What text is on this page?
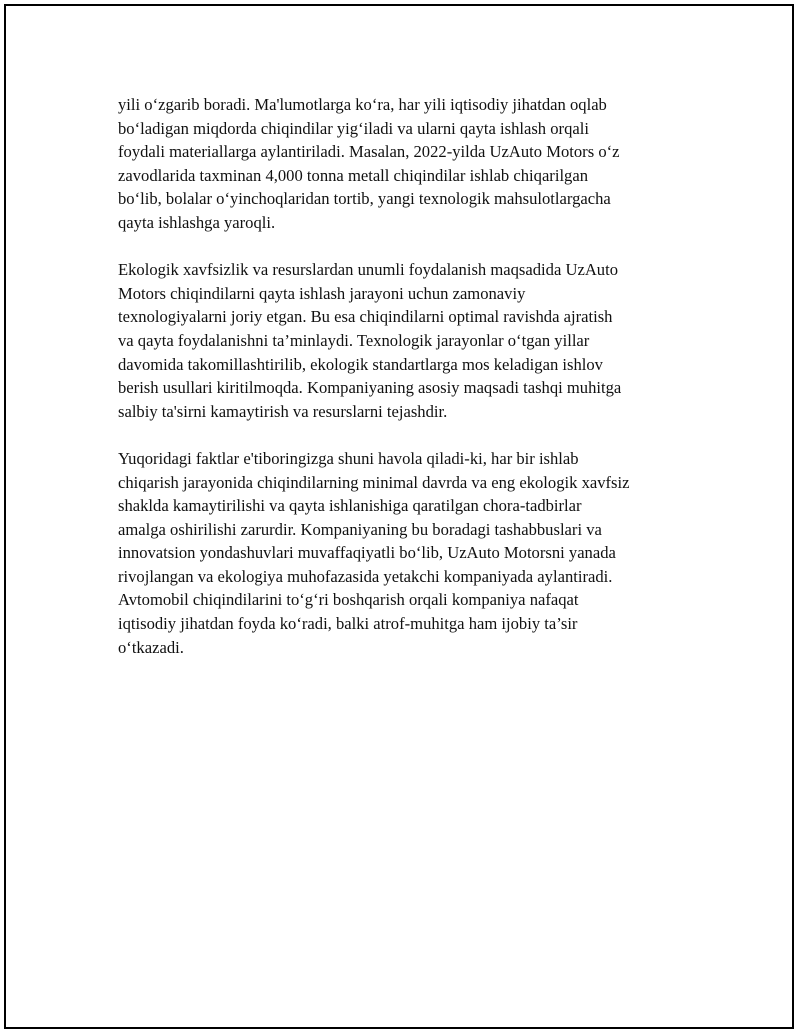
yili o‘zgarib boradi. Ma'lumotlarga ko‘ra, har yili iqtisodiy jihatdan oqlab
bo‘ladigan miqdorda chiqindilar yig‘iladi va ularni qayta ishlash orqali
foydali materiallarga aylantiriladi. Masalan, 2022-yilda UzAuto Motors o‘z
zavodlarida taxminan 4,000 tonna metall chiqindilar ishlab chiqarilgan
bo‘lib, bolalar o‘yinchoqlaridan tortib, yangi texnologik mahsulotlargacha
qayta ishlashga yaroqli.

Ekologik xavfsizlik va resurslardan unumli foydalanish maqsadida UzAuto
Motors chiqindilarni qayta ishlash jarayoni uchun zamonaviy
texnologiyalarni joriy etgan. Bu esa chiqindilarni optimal ravishda ajratish
va qayta foydalanishni ta’minlaydi. Texnologik jarayonlar o‘tgan yillar
davomida takomillashtirilib, ekologik standartlarga mos keladigan ishlov
berish usullari kiritilmoqda. Kompaniyaning asosiy maqsadi tashqi muhitga
salbiy ta'sirni kamaytirish va resurslarni tejashdir.

Yuqoridagi faktlar e'tiboringizga shuni havola qiladi-ki, har bir ishlab
chiqarish jarayonida chiqindilarning minimal davrda va eng ekologik xavfsiz
shaklda kamaytirilishi va qayta ishlanishiga qaratilgan chora-tadbirlar
amalga oshirilishi zarurdir. Kompaniyaning bu boradagi tashabbuslari va
innovatsion yondashuvlari muvaffaqiyatli bo‘lib, UzAuto Motorsni yanada
rivojlangan va ekologiya muhofazasida yetakchi kompaniyada aylantiradi.
Avtomobil chiqindilarini to‘g‘ri boshqarish orqali kompaniya nafaqat
iqtisodiy jihatdan foyda ko‘radi, balki atrof-muhitga ham ijobiy ta’sir
o‘tkazadi.
